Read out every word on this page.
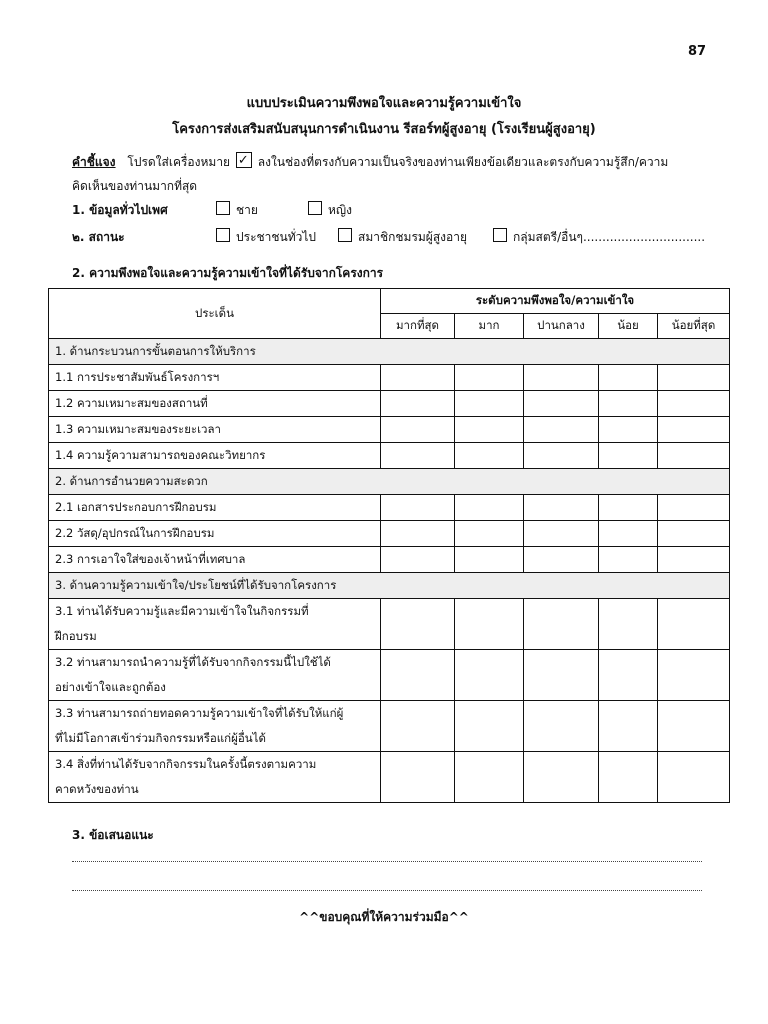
87
แบบประเมินความพึงพอใจและความรู้ความเข้าใจ
โครงการส่งเสริมสนับสนุนการดำเนินงาน รีสอร์ทผู้สูงอายุ (โรงเรียนผู้สูงอายุ)
คำชี้แจง โปรดใส่เครื่องหมาย ✓ ลงในช่องที่ตรงกับความเป็นจริงของท่านเพียงข้อเดียวและตรงกับความรู้สึก/ความ
คิดเห็นของท่านมากที่สุด
1. ข้อมูลทั่วไปเพศ	ชาย	หญิง
๒. สถานะ	ประชาชนทั่วไป	สมาชิกชมรมผู้สูงอายุ	กลุ่มสตรี/อื่นๆ................................
2. ความพึงพอใจและความรู้ความเข้าใจที่ได้รับจากโครงการ
ประเด็น	ระดับความพึงพอใจ/ความเข้าใจ				
	มากที่สุด	มาก	ปานกลาง	น้อย	น้อยที่สุด
1. ด้านกระบวนการขั้นตอนการให้บริการ					
1.1 การประชาสัมพันธ์โครงการฯ					
1.2 ความเหมาะสมของสถานที่					
1.3 ความเหมาะสมของระยะเวลา					
1.4 ความรู้ความสามารถของคณะวิทยากร					
2. ด้านการอำนวยความสะดวก					
2.1 เอกสารประกอบการฝึกอบรม					
2.2 วัสดุ/อุปกรณ์ในการฝึกอบรม					
2.3 การเอาใจใส่ของเจ้าหน้าที่เทศบาล					
3. ด้านความรู้ความเข้าใจ/ประโยชน์ที่ได้รับจากโครงการ					
3.1 ท่านได้รับความรู้และมีความเข้าใจในกิจกรรมที่
ฝึกอบรม					
3.2 ท่านสามารถนำความรู้ที่ได้รับจากกิจกรรมนี้ไปใช้ได้
อย่างเข้าใจและถูกต้อง					
3.3 ท่านสามารถถ่ายทอดความรู้ความเข้าใจที่ได้รับให้แก่ผู้
ที่ไม่มีโอกาสเข้าร่วมกิจกรรมหรือแก่ผู้อื่นได้					
3.4 สิ่งที่ท่านได้รับจากกิจกรรมในครั้งนี้ตรงตามความ
คาดหวังของท่าน					
3. ข้อเสนอแนะ
^^ขอบคุณที่ให้ความร่วมมือ^^
